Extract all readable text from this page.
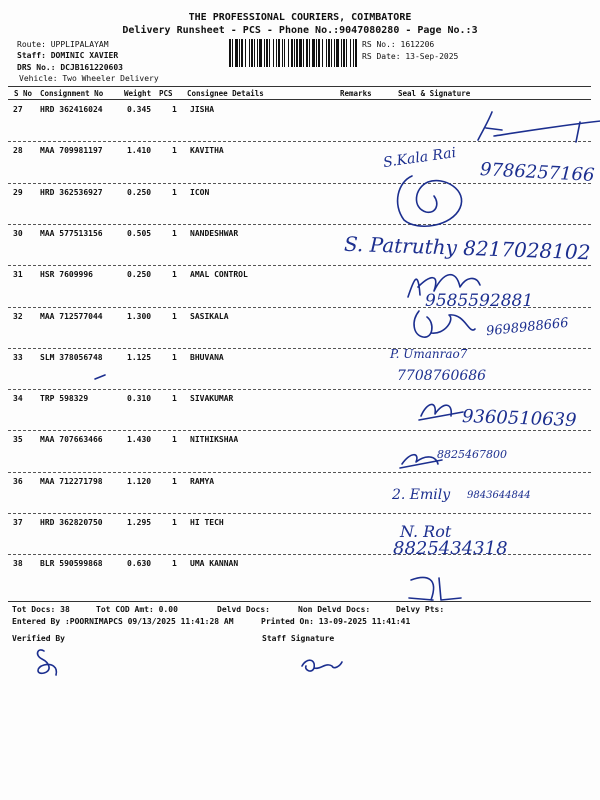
THE PROFESSIONAL COURIERS, COIMBATORE
Delivery Runsheet - PCS - Phone No.:9047080280 - Page No.:3
Route: UPPLIPALAYAM
Staff: DOMINIC XAVIER
DRS No.: DCJB161220603
Vehicle: Two Wheeler Delivery
RS No.: 1612206
RS Date: 13-Sep-2025
S No Consignment No	Weight PCS Consignee Details	Remarks	Seal & Signature
27 HRD 362416024	0.345	1 JISHA
28 MAA 709981197	1.410	1 KAVITHA
29 HRD 362536927	0.250	1 ICON
30 MAA 577513156	0.505	1 NANDESHWAR
31 HSR 7609996	0.250	1 AMAL CONTROL
32 MAA 712577044	1.300	1 SASIKALA
33 SLM 378056748	1.125	1 BHUVANA
34 TRP 598329	0.310	1 SIVAKUMAR
35 MAA 707663466	1.430	1 NITHIKSHAA
36 MAA 712271798	1.120	1 RAMYA
37 HRD 362820750	1.295	1 HI TECH
38 BLR 590599868	0.630	1 UMA KANNAN
S.Kala Rai
9786257166
S. Patruthy 8217028102
9585592881
9698988666
P. Umanrao7
7708760686
9360510639
8825467800
2. Emily 9843644844
N. Rot
8825434318
Tot Docs: 38	Tot COD Amt: 0.00	Delvd Docs:	Non Delvd Docs:	Delvy Pts:
Entered By :POORNIMAPCS 09/13/2025 11:41:28 AM	Printed On: 13-09-2025 11:41:41
Verified By	Staff Signature
